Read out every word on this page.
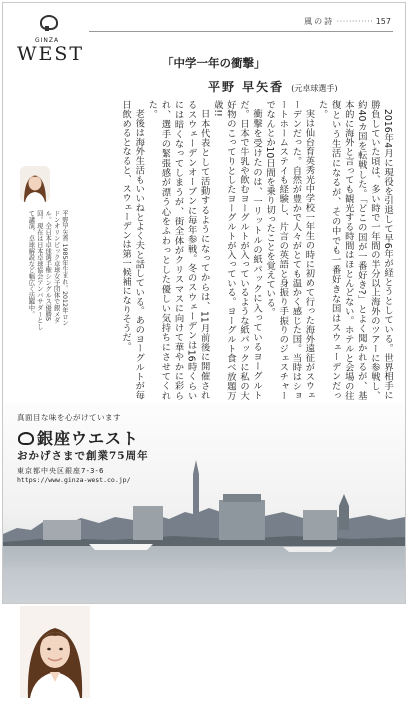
GINZA
WEST
風の詩 ············ 157
「中学一年の衝撃」
平野 早矢香 (元卓球選手)

2016年4月に現役を引退して早6年が経とうとしている。世界相手に勝負していた頃は、多い時で一年間の半分以上海外のツアーに参戦し、約40カ国を転戦した。「どこの国が一番好き?」とよく聞かれるが、基本的に海外と言っても観光する時間はほとんどない。ホテルと会場の往復という生活になるが、その中でも一番好きな国はスウェーデンだった。

実は仙台育英秀光中学校一年生の時に初めて行った海外遠征がスウェーデンだった。自然が豊かで人々がとても温かく感じた国。当時はショートホームステイも経験し、片言の英語と身振り手振りのジェスチャーでなんとか10日間を乗り切ったことを覚えている。

衝撃を受けたのは、一リットルの紙パックに入っているヨーグルトだ。日本で牛乳や飲むヨーグルトが入っているような紙パックに私の大好物のこってりとしたヨーグルトが入っている。ヨーグルト食べ放題万歳!!

日本代表として活動するようになってからは、11月前後に開催されるスウェーデンオープンに毎年参戦。冬のスウェーデンは16時くらいには暗くなってしまうが、街全体がクリスマスに向けて華やかに彩られ、選手の緊張感が漂う心をふわっとした優しい気持ちにさせてくれた。

老後は海外生活もいいねとよく夫と話している。あのヨーグルトが毎日飲めるとなると、スウェーデンは第一候補になりそうだ。

平野早矢香 1985年生まれ。2012年ロンドンオリンピック卓球女子団体で銀メダル。全日本卓球選手権シングルス優勝5回。現在は日本卓球協会アンバサダーとして講演、卓球解説など幅広く活躍中。
真面目な味を心がけています
銀座ウエスト
おかげさまで創業75周年
東京都中央区銀座7-3-6
https://www.ginza-west.co.jp/
